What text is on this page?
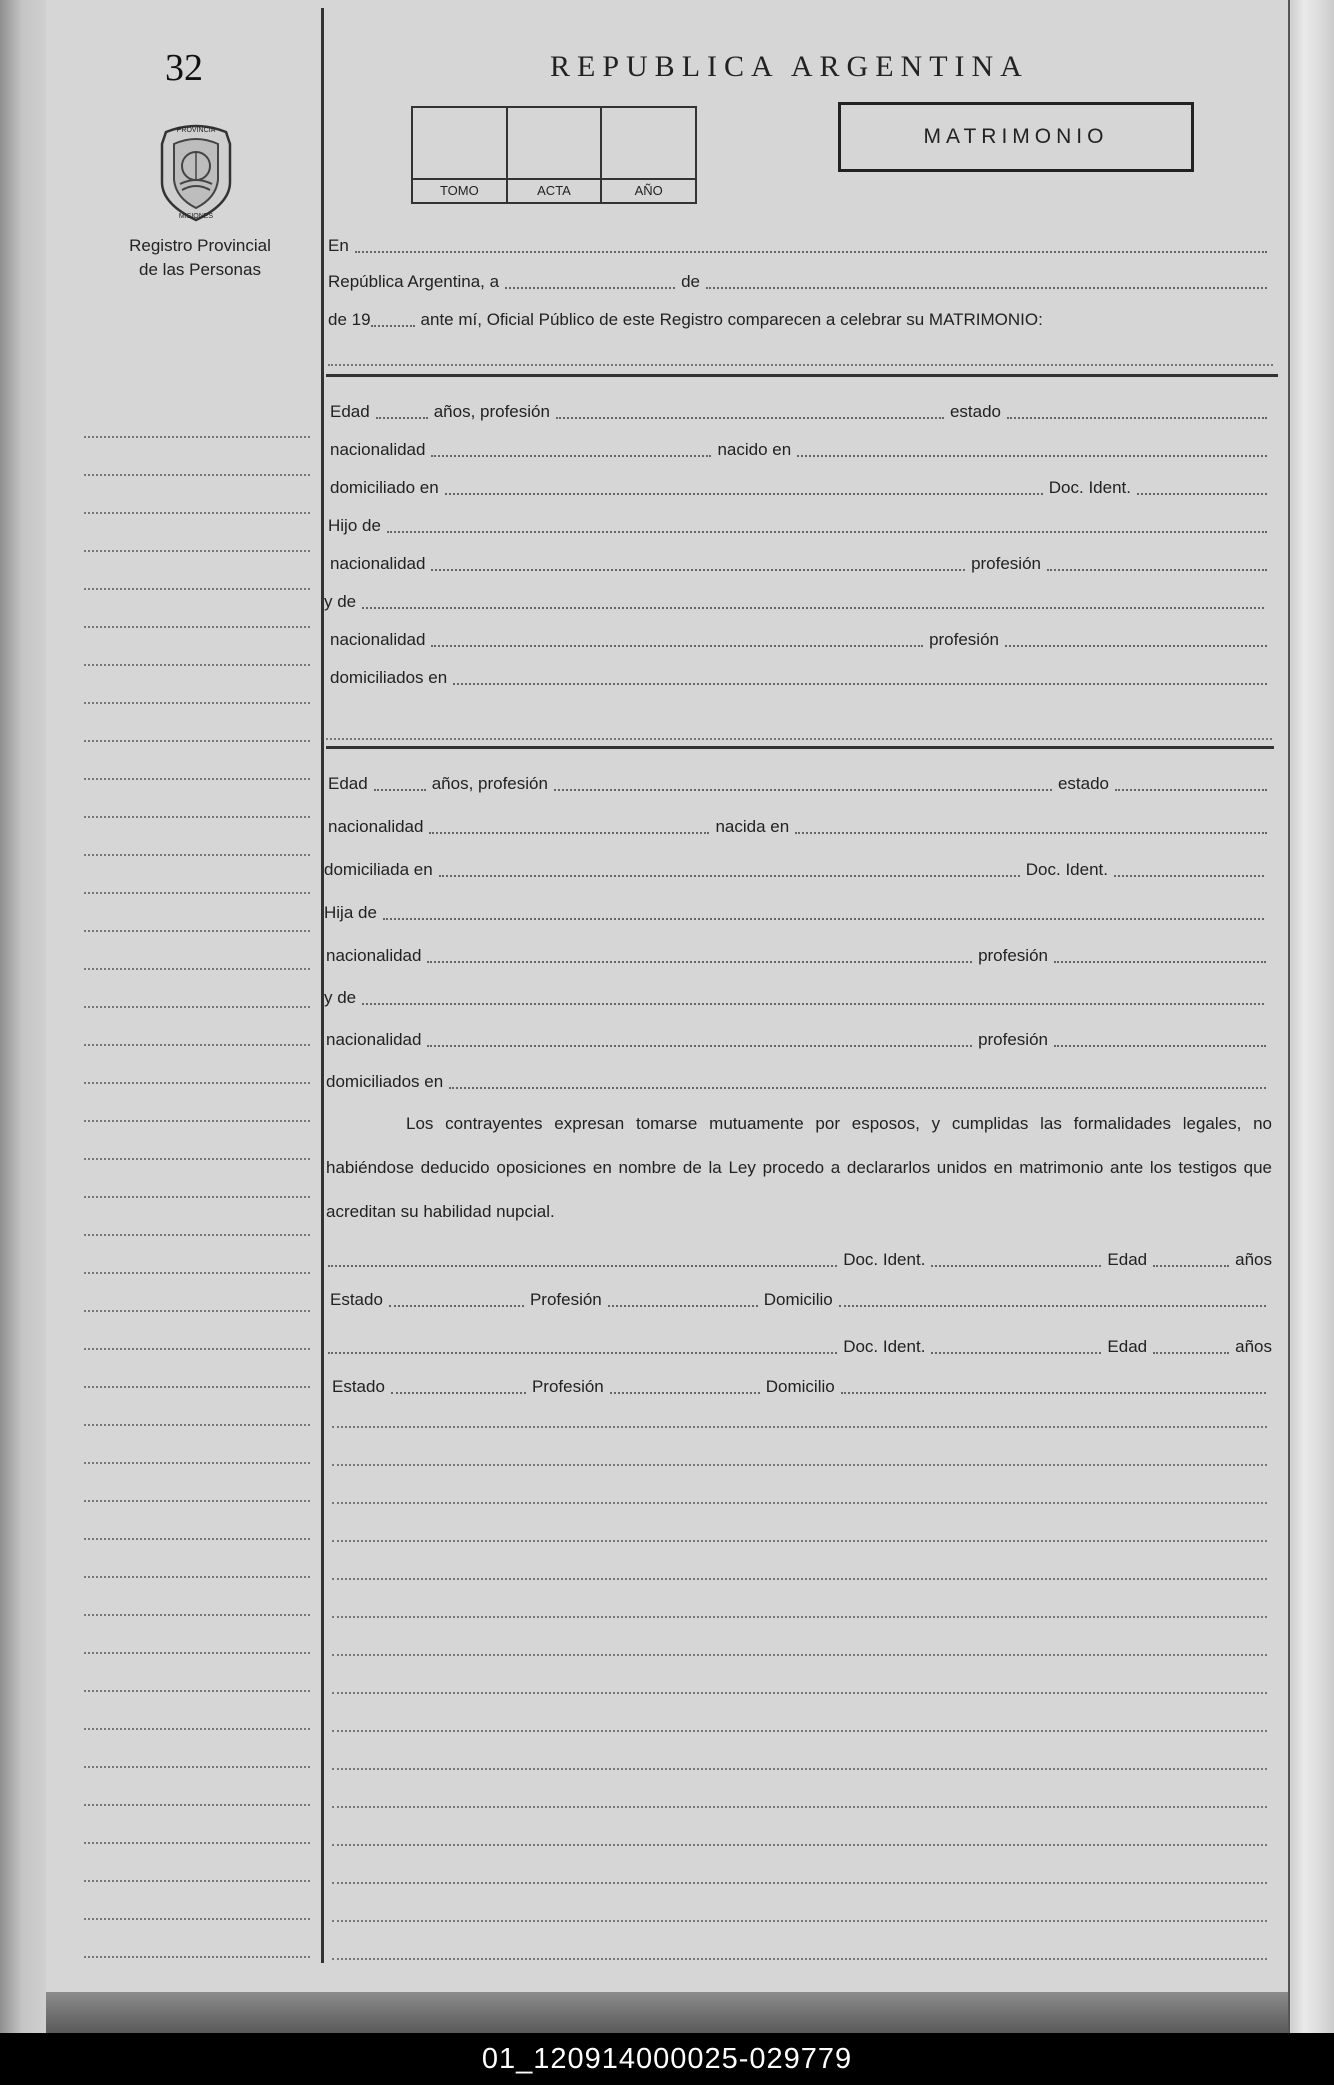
32
PROVINCIA
MISIONES
Registro Provincial
de las Personas
REPUBLICA ARGENTINA
TOMO	ACTA	AÑO
MATRIMONIO
En
República Argentina, a	de
de 19	ante mí, Oficial Público de este Registro comparecen a celebrar su MATRIMONIO:
Edad	años, profesión	estado
nacionalidad	nacido en
domiciliado en	Doc. Ident.
Hijo de
nacionalidad	profesión
y de
nacionalidad	profesión
domiciliados en
Edad	años, profesión	estado
nacionalidad	nacida en
domiciliada en	Doc. Ident.
Hija de
nacionalidad	profesión
y de
nacionalidad	profesión
domiciliados en
Los contrayentes expresan tomarse mutuamente por esposos, y cumplidas las formalidades legales, no habiéndose deducido oposiciones en nombre de la Ley procedo a declararlos unidos en matrimonio ante los testigos que acreditan su habilidad nupcial.
Doc. Ident.	Edad	años
Estado	Profesión	Domicilio
Doc. Ident.	Edad	años
Estado	Profesión	Domicilio
01_120914000025-029779
